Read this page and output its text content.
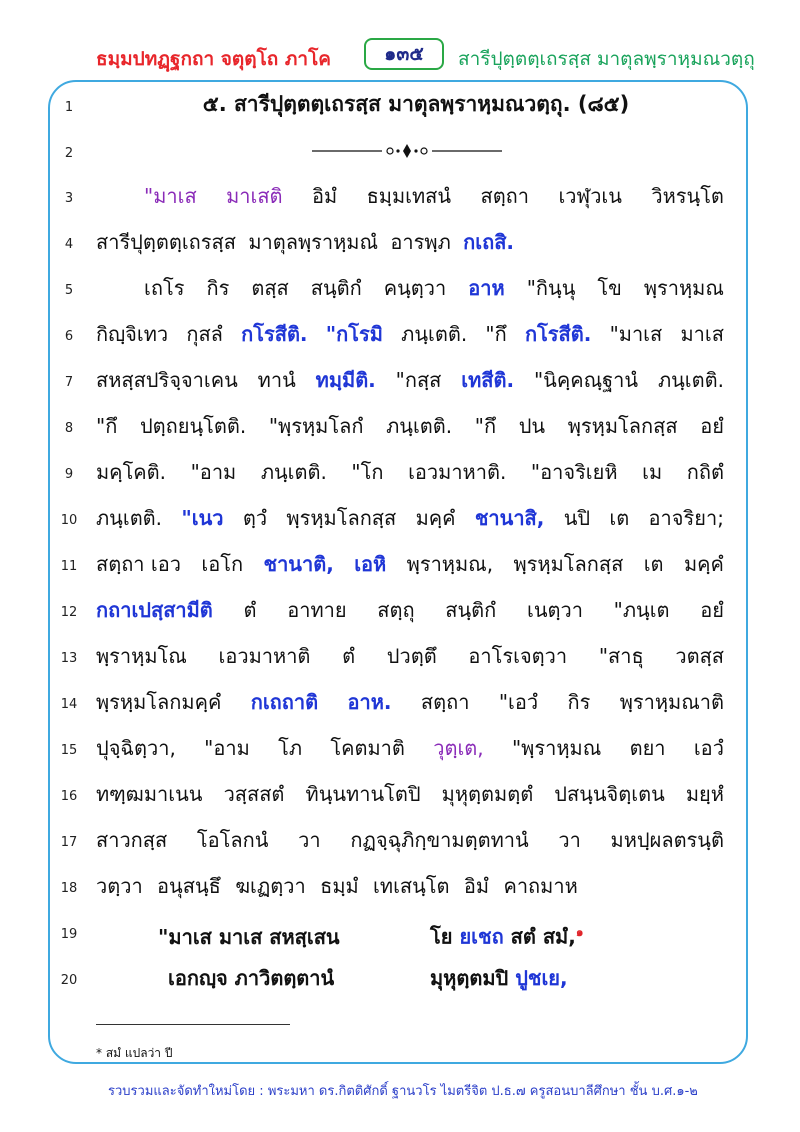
ธมฺมปทฏฺฐกถา จตุตฺโถ ภาโค	๑๓๕	สารีปุตฺตตฺเถรสฺส มาตุลพฺราหฺมณวตฺถุ
1
2
3
4
5
6
7
8
9
10
11
12
13
14
15
16
17
18
19
20
๕. สารีปุตฺตตฺเถรสฺส มาตุลพฺราหฺมณวตฺถุ. (๘๕)
"มาเส มาเสติ อิมํ ธมฺมเทสนํ สตฺถา เวฬุวเน วิหรนฺโต
สารีปุตฺตตฺเถรสฺส มาตุลพฺราหฺมณํ อารพฺภ กเถสิ.
เถโร กิร ตสฺส สนฺติกํ คนฺตฺวา อาห "กินฺนุ โข พฺราหฺมณ
กิญฺจิเทว กุสลํ กโรสีติ. "กโรมิ ภนฺเตติ. "กึ กโรสีติ. "มาเส มาเส
สหสฺสปริจฺจาเคน ทานํ ทมฺมีติ. "กสฺส เทสีติ. "นิคฺคณฺฐานํ ภนฺเตติ.
"กึ ปตฺถยนฺโตติ. "พฺรหฺมโลกํ ภนฺเตติ. "กึ ปน พฺรหฺมโลกสฺส อยํ
มคฺโคติ. "อาม ภนฺเตติ. "โก เอวมาหาติ. "อาจริเยหิ เม กถิตํ
ภนฺเตติ. "เนว ตฺวํ พฺรหฺมโลกสฺส มคฺคํ ชานาสิ, นปิ เต อาจริยา;
สตฺถา เอว เอโก ชานาติ, เอหิ พฺราหฺมณ, พฺรหฺมโลกสฺส เต มคฺคํ
กถาเปสฺสามีติ ตํ อาทาย สตฺถุ สนฺติกํ เนตฺวา "ภนฺเต อยํ
พฺราหฺมโณ เอวมาหาติ ตํ ปวตฺตึ อาโรเจตฺวา "สาธุ วตสฺส
พฺรหฺมโลกมคฺคํ กเถถาติ อาห. สตฺถา "เอวํ กิร พฺราหฺมณาติ
ปุจฺฉิตฺวา, "อาม โภ โคตมาติ วุตฺเต, "พฺราหฺมณ ตยา เอวํ
ทฑฺฒมาเนน วสฺสสตํ ทินฺนทานโตปิ มุหุตฺตมตฺตํ ปสนฺนจิตฺเตน มยฺหํ
สาวกสฺส โอโลกนํ วา กฏจฺฉุภิกฺขามตฺตทานํ วา มหปฺผลตรนฺติ
วตฺวา อนุสนฺธึ ฆเฏตฺวา ธมฺมํ เทเสนฺโต อิมํ คาถมาห
"มาเส มาเส สหสฺเสน	โย ยเชถ สตํ สมํ,$^๑$
เอกญฺจ ภาวิตตฺตานํ	มุหุตฺตมปิ ปูชเย,
* สมํ แปลว่า ปี
รวบรวมและจัดทำใหม่โดย : พระมหา ดร.กิตติศักดิ์ ฐานวโร ไมตรีจิต ป.ธ.๗ ครูสอนบาลีศึกษา ชั้น บ.ศ.๑-๒
